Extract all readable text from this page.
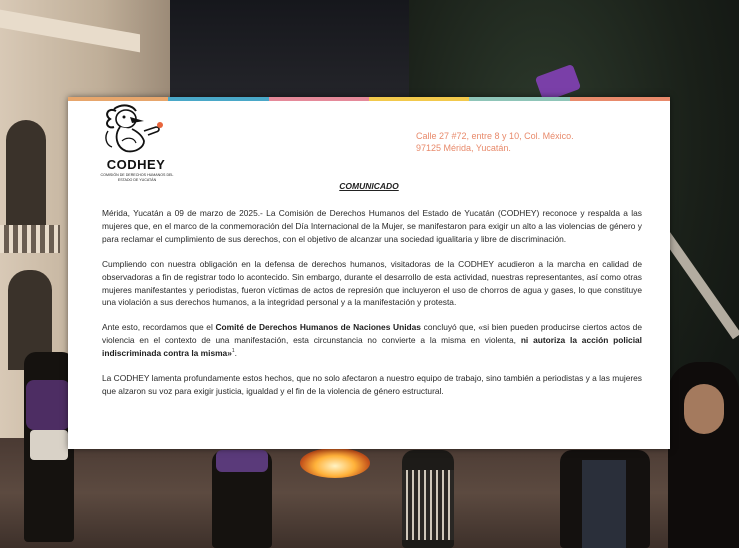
CODHEY
COMISIÓN DE DERECHOS HUMANOS DEL ESTADO DE YUCATÁN
Calle 27 #72, entre 8 y 10, Col. México.
97125 Mérida, Yucatán.
COMUNICADO

Mérida, Yucatán a 09 de marzo de 2025.- La Comisión de Derechos Humanos del Estado de Yucatán (CODHEY) reconoce y respalda a las mujeres que, en el marco de la conmemoración del Día Internacional de la Mujer, se manifestaron para exigir un alto a las violencias de género y para reclamar el cumplimiento de sus derechos, con el objetivo de alcanzar una sociedad igualitaria y libre de discriminación.

Cumpliendo con nuestra obligación en la defensa de derechos humanos, visitadoras de la CODHEY acudieron a la marcha en calidad de observadoras a fin de registrar todo lo acontecido. Sin embargo, durante el desarrollo de esta actividad, nuestras representantes, así como otras mujeres manifestantes y periodistas, fueron víctimas de actos de represión que incluyeron el uso de chorros de agua y gases, lo que constituye una violación a sus derechos humanos, a la integridad personal y a la manifestación y protesta.

Ante esto, recordamos que el Comité de Derechos Humanos de Naciones Unidas concluyó que, «si bien pueden producirse ciertos actos de violencia en el contexto de una manifestación, esta circunstancia no convierte a la misma en violenta, ni autoriza la acción policial indiscriminada contra la misma»$^1$.

La CODHEY lamenta profundamente estos hechos, que no solo afectaron a nuestro equipo de trabajo, sino también a periodistas y a las mujeres que alzaron su voz para exigir justicia, igualdad y el fin de la violencia de género estructural.
